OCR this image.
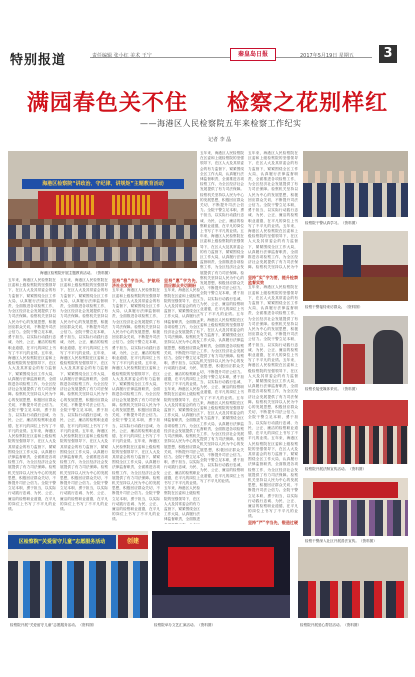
特别报道	责任编辑 张小红 美术 王宁	秦皇岛日报	2017年5月19日 星期五	3
满园春色关不住 检察之花别样红
——海港区人民检察院五年来检察工作纪实
记者 李 晶
海港区检察院“讲政治、守纪律、讲规矩”主题教育活动
海港区检察院开展主题教育活动。（资料图）
检察院干警认真学习。（资料图）
检察干警接待来访群众。（资料图）
检察长接受媒体采访。（资料图）
检察院开展法制宣传活动。（资料图）
检察干警深入社区开展普法宣传。（资料图）
区检察院“关爱留守儿童”志愿服务活动	创建
检察院开展“关爱留守儿童”志愿服务活动。（资料图）	检察院举办文艺汇演活动。（资料图）	检察院开展爱心帮扶活动。（资料图）
五年来，海港区人民检察院在区委和上级检察院的坚强领导下，在区人大及其常委会的有力监督下，紧紧围绕全区工作大局，认真履行法律监督职责，全面推进各项检察工作，为全区经济社会发展提供了有力司法保障。检察机关坚持以人民为中心的发展思想，积极回应群众关切，不断提升司法公信力。全院干警立足本职，勇于担当，以实际行动践行忠诚、为民、公正、廉洁的检察职业道德，在平凡的岗位上书写了不平凡的业绩。五年来，海港区人民检察院在区委和上级检察院的坚强领导下，在区人大及其常委会的有力监督下，紧紧围绕全区工作大局，认真履行法律监督职责，全面推进各项检察工作，为全区经济社会发展提供了有力司法保障。检察机关坚持以人民为中心的发展思想，积极回应群众关切，不断提升司法公信力。全院干警立足本职，勇于担当，以实际行动践行忠诚、为民、公正、廉洁的检察职业道德，在平凡的岗位上书写了不平凡的业绩。五年来，海港区人民检察院在区委和上级检察院的坚强领导下，在区人大及其常委会的有力监督下，紧紧围绕全区工作大局，认真履行法律监督职责，全面推进各项检察工作，为全区经济社会发展提供了有力司法保障。检察机关坚持以人民为中心的发展思想，积极回应群众关切，不断提升司法公信力。全院干警立足本职，勇于担当，以实际行动践行忠诚、为民、公正、廉洁的检察职业道德，在平凡的岗位上书写了不平凡的业绩。
五年来，海港区人民检察院在区委和上级检察院的坚强领导下，在区人大及其常委会的有力监督下，紧紧围绕全区工作大局，认真履行法律监督职责，全面推进各项检察工作，为全区经济社会发展提供了有力司法保障。检察机关坚持以人民为中心的发展思想，积极回应群众关切，不断提升司法公信力。全院干警立足本职，勇于担当，以实际行动践行忠诚、为民、公正、廉洁的检察职业道德，在平凡的岗位上书写了不平凡的业绩。五年来，海港区人民检察院在区委和上级检察院的坚强领导下，在区人大及其常委会的有力监督下，紧紧围绕全区工作大局，认真履行法律监督职责，全面推进各项检察工作，为全区经济社会发展提供了有力司法保障。检察机关坚持以人民为中心的发展思想，积极回应群众关切，不断提升司法公信力。全院干警立足本职，勇于担当，以实际行动践行忠诚、为民、公正、廉洁的检察职业道德，在平凡的岗位上书写了不平凡的业绩。五年来，海港区人民检察院在区委和上级检察院的坚强领导下，在区人大及其常委会的有力监督下，紧紧围绕全区工作大局，认真履行法律监督职责，全面推进各项检察工作，为全区经济社会发展提供了有力司法保障。检察机关坚持以人民为中心的发展思想，积极回应群众关切，不断提升司法公信力。全院干警立足本职，勇于担当，以实际行动践行忠诚、为民、公正、廉洁的检察职业道德，在平凡的岗位上书写了不平凡的业绩。
坚持“稳”字当头，护航经济社会发展
五年来，海港区人民检察院在区委和上级检察院的坚强领导下，在区人大及其常委会的有力监督下，紧紧围绕全区工作大局，认真履行法律监督职责，全面推进各项检察工作，为全区经济社会发展提供了有力司法保障。检察机关坚持以人民为中心的发展思想，积极回应群众关切，不断提升司法公信力。全院干警立足本职，勇于担当，以实际行动践行忠诚、为民、公正、廉洁的检察职业道德，在平凡的岗位上书写了不平凡的业绩。五年来，海港区人民检察院在区委和上级检察院的坚强领导下，在区人大及其常委会的有力监督下，紧紧围绕全区工作大局，认真履行法律监督职责，全面推进各项检察工作，为全区经济社会发展提供了有力司法保障。检察机关坚持以人民为中心的发展思想，积极回应群众关切，不断提升司法公信力。全院干警立足本职，勇于担当，以实际行动践行忠诚、为民、公正、廉洁的检察职业道德，在平凡的岗位上书写了不平凡的业绩。五年来，海港区人民检察院在区委和上级检察院的坚强领导下，在区人大及其常委会的有力监督下，紧紧围绕全区工作大局，认真履行法律监督职责，全面推进各项检察工作，为全区经济社会发展提供了有力司法保障。检察机关坚持以人民为中心的发展思想，积极回应群众关切，不断提升司法公信力。全院干警立足本职，勇于担当，以实际行动践行忠诚、为民、公正、廉洁的检察职业道德，在平凡的岗位上书写了不平凡的业绩。
五年来，海港区人民检察院在区委和上级检察院的坚强领导下，在区人大及其常委会的有力监督下，紧紧围绕全区工作大局，认真履行法律监督职责，全面推进各项检察工作，为全区经济社会发展提供了有力司法保障。检察机关坚持以人民为中心的发展思想，积极回应群众关切，不断提升司法公信力。全院干警立足本职，勇于担当，以实际行动践行忠诚、为民、公正、廉洁的检察职业道德，在平凡的岗位上书写了不平凡的业绩。五年来，海港区人民检察院在区委和上级检察院的坚强领导下，在区人大及其常委会的有力监督下，紧紧围绕全区工作大局，认真履行法律监督职责，全面推进各项检察工作，为全区经济社会发展提供了有力司法保障。检察机关坚持以人民为中心的发展思想，积极回应群众关切，不断提升司法公信力。全院干警立足本职，勇于担当，以实际行动践行忠诚、为民、公正、廉洁的检察职业道德，在平凡的岗位上书写了不平凡的业绩。五年来，海港区人民检察院在区委和上级检察院的坚强领导下，在区人大及其常委会的有力监督下，紧紧围绕全区工作大局，认真履行法律监督职责，全面推进各项检察工作，为全区经济社会发展提供了有力司法保障。检察机关坚持以人民为中心的发展思想，积极回应群众关切，不断提升司法公信力。全院干警立足本职，勇于担当，以实际行动践行忠诚、为民、公正、廉洁的检察职业道德，在平凡的岗位上书写了不平凡的业绩。五年来，海港区人民检察院在区委和上级检察院的坚强领导下，在区人大及其常委会的有力监督下，紧紧围绕全区工作大局，认真履行法律监督职责，全面推进各项检察工作，为全区经济社会发展提供了有力司法保障。检察机关坚持以人民为中心的发展思想，积极回应群众关切，不断提升司法公信力。全院干警立足本职，勇于担当，以实际行动践行忠诚、为民、公正、廉洁的检察职业道德，在平凡的岗位上书写了不平凡的业绩。
五年来，海港区人民检察院在区委和上级检察院的坚强领导下，在区人大及其常委会的有力监督下，紧紧围绕全区工作大局，认真履行法律监督职责，全面推进各项检察工作，为全区经济社会发展提供了有力司法保障。检察机关坚持以人民为中心的发展思想，积极回应群众关切，不断提升司法公信力。全院干警立足本职，勇于担当，以实际行动践行忠诚、为民、公正、廉洁的检察职业道德，在平凡的岗位上书写了不平凡的业绩。五年来，海港区人民检察院在区委和上级检察院的坚强领导下，在区人大及其常委会的有力监督下，紧紧围绕全区工作大局，认真履行法律监督职责，全面推进各项检察工作，为全区经济社会发展提供了有力司法保障。检察机关坚持以人民为中
坚持“惠”字为先，回应群众关切期盼
五年来，海港区人民检察院在区委和上级检察院的坚强领导下，在区人大及其常委会的有力监督下，紧紧围绕全区工作大局，认真履行法律监督职责，全面推进各项检察工作，为全区经济社会发展提供了有力司法保障。检察机关坚持以人民为中心的发展思想，积极回应群众关切，不断提升司法公信力。全院干警立足本职，勇于担当，以实际行动践行忠诚、为民、公正、廉洁的检察职业道德，在平凡的岗位上书写了不平凡的业绩。五年来，海港区人民检察院在区委和上级检察院的坚强领导下，在区人大及其常委会的有力监督下，紧紧围绕全区工作大局，认真履行法律监督职责，全面推进各项检察工作，为全区经济社会发展提供了有力司法保障。检察机关坚持以人民为中心的发展思想，积极回应群众关切，不断提升司法公信力。全院干警立足本职，勇于担当，以实际行动践行忠诚、为民、公正、廉洁的检察职业道德，在平凡的岗位上书写了不平凡的业绩。五年来，海港区人民检察院在区委和上级检察院的坚强领导下，在区人大及其常委会的有力监督下，紧紧围绕全区工作大局，认真履行法律监督职责，全面推进
坚持“实”字为要，提升检察监督实效
五年来，海港区人民检察院在区委和上级检察院的坚强领导下，在区人大及其常委会的有力监督下，紧紧围绕全区工作大局，认真履行法律监督职责，全面推进各项检察工作，为全区经济社会发展提供了有力司法保障。检察机关坚持以人民为中心的发展思想，积极回应群众关切，不断提升司法公信力。全院干警立足本职，勇于担当，以实际行动践行忠诚、为民、公正、廉洁的检察职业道德，在平凡的岗位上书写了不平凡的业绩。五年来，海港区人民检察院在区委和上级检察院的坚强领导下，在区人大及其常委会的有力监督下，紧紧围绕全区工作大局，认真履行法律监督职责，全面推进各项检察工作，为全区经济社会发展提供了有力司法保障。检察机关坚持以人民为中心的发展思想，积极回应群众关切，不断提升司法公信力。全院干警立足本职，勇于担当，以实际行动践行忠诚、为民、公正、廉洁的检察职业道德，在平凡的岗位上书写了不平凡的业绩。五年来，海港区人民检察院在区委和上级检察院的坚强领导下，在区人大及其常委会的有力监督下，紧紧围绕全区工作大局，认真履行法律监督职责，全面推进各项检察工作，为全区经济社会发展提供了有力司法保障。检察机关坚持以人民为中心的发展思想，积极回应群众关切，不断提升司法公信力。全院干警立足本职，勇于担当，以实际行动践行忠诚、为民、公正、廉洁的检察职业道德，在平凡的岗位上书写了不平凡的业绩。
坚持“严”字当先，锻造过硬
